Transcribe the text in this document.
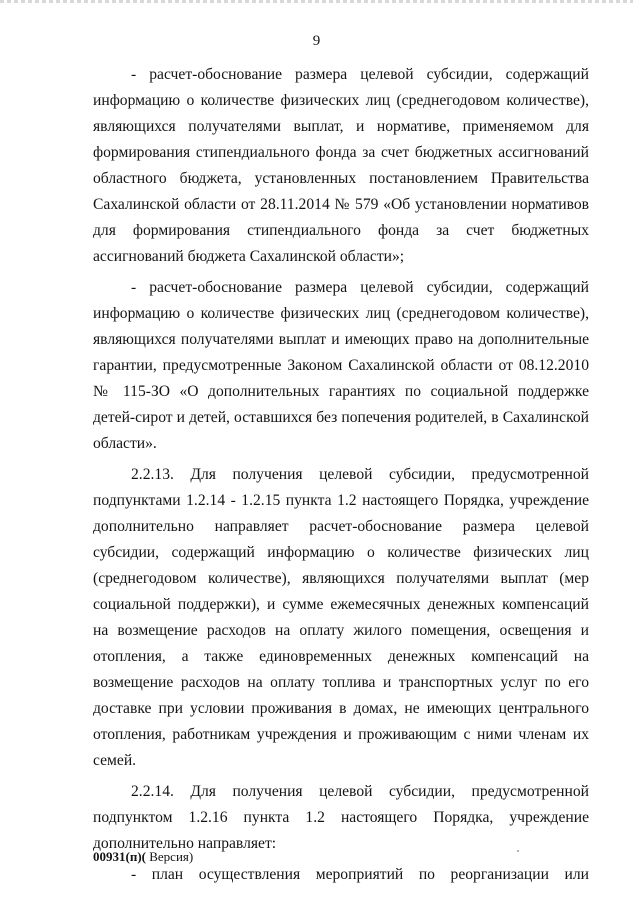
9

- расчет-обоснование размера целевой субсидии, содержащий информацию о количестве физических лиц (среднегодовом количестве), являющихся получателями выплат, и нормативе, применяемом для формирования стипендиального фонда за счет бюджетных ассигнований областного бюджета, установленных постановлением Правительства Сахалинской области от 28.11.2014 № 579 «Об установлении нормативов для формирования стипендиального фонда за счет бюджетных ассигнований бюджета Сахалинской области»;

- расчет-обоснование размера целевой субсидии, содержащий информацию о количестве физических лиц (среднегодовом количестве), являющихся получателями выплат и имеющих право на дополнительные гарантии, предусмотренные Законом Сахалинской области от 08.12.2010 № 115-ЗО «О дополнительных гарантиях по социальной поддержке детей-сирот и детей, оставшихся без попечения родителей, в Сахалинской области».

2.2.13. Для получения целевой субсидии, предусмотренной подпунктами 1.2.14 - 1.2.15 пункта 1.2 настоящего Порядка, учреждение дополнительно направляет расчет-обоснование размера целевой субсидии, содержащий информацию о количестве физических лиц (среднегодовом количестве), являющихся получателями выплат (мер социальной поддержки), и сумме ежемесячных денежных компенсаций на возмещение расходов на оплату жилого помещения, освещения и отопления, а также единовременных денежных компенсаций на возмещение расходов на оплату топлива и транспортных услуг по его доставке при условии проживания в домах, не имеющих центрального отопления, работникам учреждения и проживающим с ними членам их семей.

2.2.14. Для получения целевой субсидии, предусмотренной подпунктом 1.2.16 пункта 1.2 настоящего Порядка, учреждение дополнительно направляет:

- план осуществления мероприятий по реорганизации или

00931(п)( Версия)
